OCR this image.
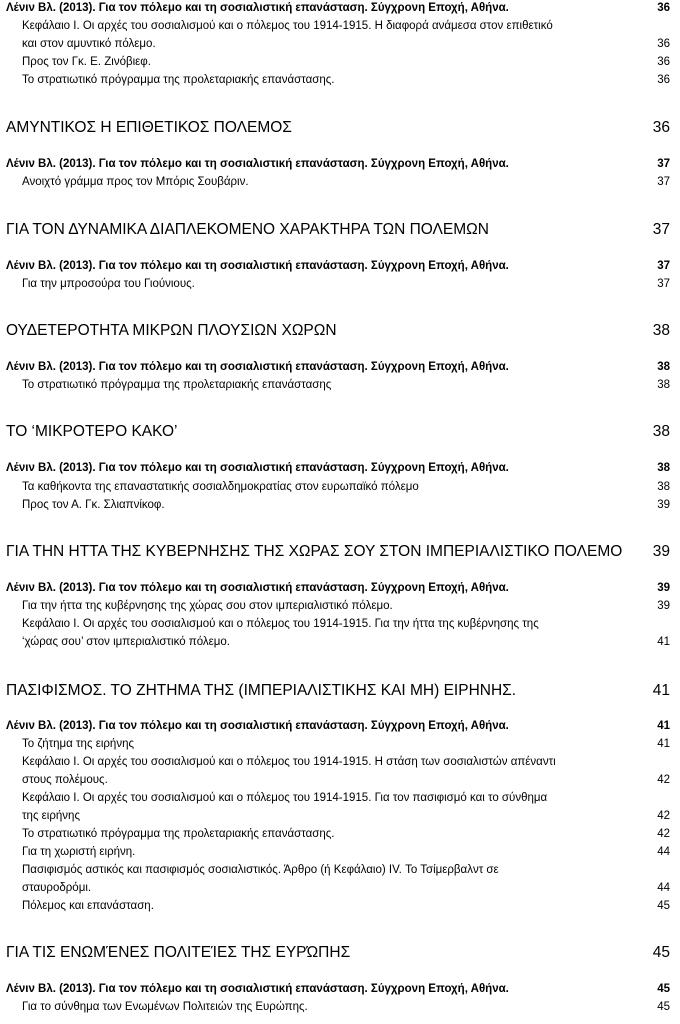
Λένιν Βλ. (2013). Για τον πόλεμο και τη σοσιαλιστική επανάσταση. Σύγχρονη Εποχή, Αθήνα.	36
Κεφάλαιο Ι. Οι αρχές του σοσιαλισμού και ο πόλεμος του 1914-1915. Η διαφορά ανάμεσα στον επιθετικό
και στον αμυντικό πόλεμο.	36
Προς τον Γκ. Ε. Ζινόβιεφ.	36
Το στρατιωτικό πρόγραμμα της προλεταριακής επανάστασης.	36
ΑΜΥΝΤΙΚΟΣ Η ΕΠΙΘΕΤΙΚΟΣ ΠΟΛΕΜΟΣ	36
Λένιν Βλ. (2013). Για τον πόλεμο και τη σοσιαλιστική επανάσταση. Σύγχρονη Εποχή, Αθήνα.	37
Ανοιχτό γράμμα προς τον Μπόρις Σουβάριν.	37
ΓΙΑ ΤΟΝ ΔΥΝΑΜΙΚΑ ΔΙΑΠΛΕΚΟΜΕΝΟ ΧΑΡΑΚΤΗΡΑ ΤΩΝ ΠΟΛΕΜΩΝ	37
Λένιν Βλ. (2013). Για τον πόλεμο και τη σοσιαλιστική επανάσταση. Σύγχρονη Εποχή, Αθήνα.	37
Για την μπροσούρα του Γιούνιους.	37
ΟΥΔΕΤΕΡΟΤΗΤΑ ΜΙΚΡΩΝ ΠΛΟΥΣΙΩΝ ΧΩΡΩΝ	38
Λένιν Βλ. (2013). Για τον πόλεμο και τη σοσιαλιστική επανάσταση. Σύγχρονη Εποχή, Αθήνα.	38
Το στρατιωτικό πρόγραμμα της προλεταριακής επανάστασης	38
ΤΟ ‘ΜΙΚΡΟΤΕΡΟ ΚΑΚΟ’	38
Λένιν Βλ. (2013). Για τον πόλεμο και τη σοσιαλιστική επανάσταση. Σύγχρονη Εποχή, Αθήνα.	38
Τα καθήκοντα της επαναστατικής σοσιαλδημοκρατίας στον ευρωπαϊκό πόλεμο	38
Προς τον Α. Γκ. Σλιαπνίκοφ.	39
ΓΙΑ ΤΗΝ ΗΤΤΑ ΤΗΣ ΚΥΒΕΡΝΗΣΗΣ ΤΗΣ ΧΩΡΑΣ ΣΟΥ ΣΤΟΝ ΙΜΠΕΡΙΑΛΙΣΤΙΚΟ ΠΟΛΕΜΟ	39
Λένιν Βλ. (2013). Για τον πόλεμο και τη σοσιαλιστική επανάσταση. Σύγχρονη Εποχή, Αθήνα.	39
Για την ήττα της κυβέρνησης της χώρας σου στον ιμπεριαλιστικό πόλεμο.	39
Κεφάλαιο Ι. Οι αρχές του σοσιαλισμού και ο πόλεμος του 1914-1915. Για την ήττα της κυβέρνησης της
‘χώρας σου’ στον ιμπεριαλιστικό πόλεμο.	41
ΠΑΣΙΦΙΣΜΟΣ. ΤΟ ΖΗΤΗΜΑ ΤΗΣ (ΙΜΠΕΡΙΑΛΙΣΤΙΚΗΣ ΚΑΙ ΜΗ) ΕΙΡΗΝΗΣ.	41
Λένιν Βλ. (2013). Για τον πόλεμο και τη σοσιαλιστική επανάσταση. Σύγχρονη Εποχή, Αθήνα.	41
Το ζήτημα της ειρήνης	41
Κεφάλαιο Ι. Οι αρχές του σοσιαλισμού και ο πόλεμος του 1914-1915. Η στάση των σοσιαλιστών απέναντι
στους πολέμους.	42
Κεφάλαιο Ι. Οι αρχές του σοσιαλισμού και ο πόλεμος του 1914-1915. Για τον πασιφισμό και το σύνθημα
της ειρήνης	42
Το στρατιωτικό πρόγραμμα της προλεταριακής επανάστασης.	42
Για τη χωριστή ειρήνη.	44
Πασιφισμός αστικός και πασιφισμός σοσιαλιστικός. Άρθρο (ή Κεφάλαιο) IV. Το Τσίμερβαλντ σε
σταυροδρόμι.	44
Πόλεμος και επανάσταση.	45
ΓΙΑ ΤΙΣ ΕΝΩΜΈΝΕΣ ΠΟΛΙΤΕΊΕΣ ΤΗΣ ΕΥΡΏΠΗΣ	45
Λένιν Βλ. (2013). Για τον πόλεμο και τη σοσιαλιστική επανάσταση. Σύγχρονη Εποχή, Αθήνα.	45
Για το σύνθημα των Ενωμένων Πολιτειών της Ευρώπης.	45
